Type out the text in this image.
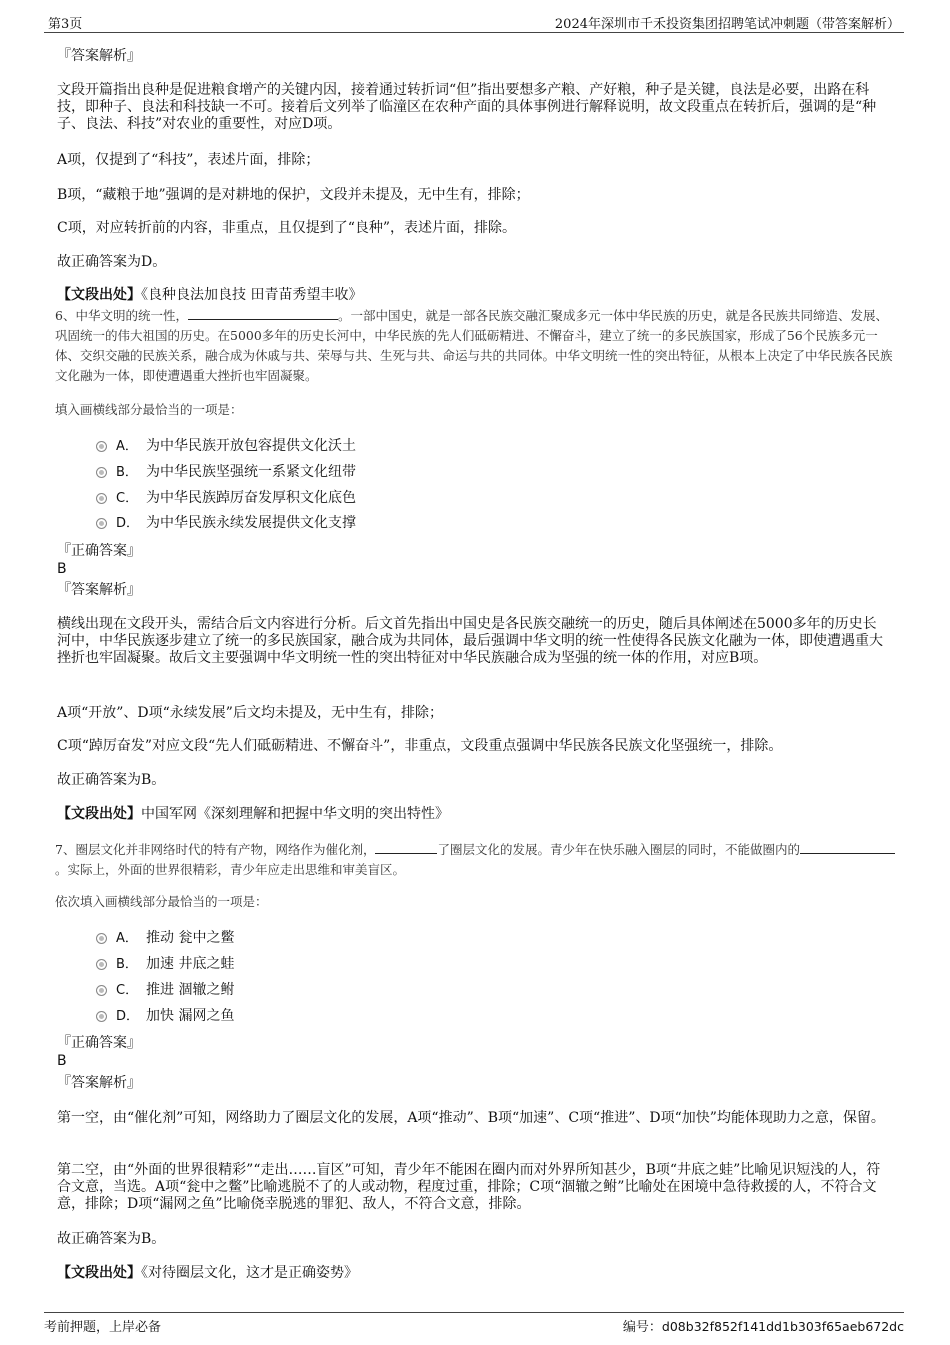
第3页	2024年深圳市千禾投资集团招聘笔试冲刺题（带答案解析）
『答案解析』
文段开篇指出良种是促进粮食增产的关键内因，接着通过转折词“但”指出要想多产粮、产好粮，种子是关键，良法是必要，出路在科技，即种子、良法和科技缺一不可。接着后文列举了临潼区在农种产面的具体事例进行解释说明，故文段重点在转折后，强调的是“种子、良法、科技”对农业的重要性，对应D项。
A项，仅提到了“科技”，表述片面，排除；
B项，“藏粮于地”强调的是对耕地的保护，文段并未提及，无中生有，排除；
C项，对应转折前的内容，非重点，且仅提到了“良种”，表述片面，排除。
故正确答案为D。
【文段出处】《良种良法加良技 田青苗秀望丰收》
6、中华文明的统一性，	。一部中国史，就是一部各民族交融汇聚成多元一体中华民族的历史，就是各民族共同缔造、发展、巩固统一的伟大祖国的历史。在5000多年的历史长河中，中华民族的先人们砥砺精进、不懈奋斗，建立了统一的多民族国家，形成了56个民族多元一体、交织交融的民族关系，融合成为休戚与共、荣辱与共、生死与共、命运与共的共同体。中华文明统一性的突出特征，从根本上决定了中华民族各民族文化融为一体，即使遭遇重大挫折也牢固凝聚。
填入画横线部分最恰当的一项是：
A． 为中华民族开放包容提供文化沃土
B． 为中华民族坚强统一系紧文化纽带
C． 为中华民族踔厉奋发厚积文化底色
D． 为中华民族永续发展提供文化支撑
『正确答案』
B
『答案解析』
横线出现在文段开头，需结合后文内容进行分析。后文首先指出中国史是各民族交融统一的历史，随后具体阐述在5000多年的历史长河中，中华民族逐步建立了统一的多民族国家，融合成为共同体，最后强调中华文明的统一性使得各民族文化融为一体，即使遭遇重大挫折也牢固凝聚。故后文主要强调中华文明统一性的突出特征对中华民族融合成为坚强的统一体的作用，对应B项。
A项“开放”、D项“永续发展”后文均未提及，无中生有，排除；
C项“踔厉奋发”对应文段“先人们砥砺精进、不懈奋斗”，非重点，文段重点强调中华民族各民族文化坚强统一，排除。
故正确答案为B。
【文段出处】中国军网《深刻理解和把握中华文明的突出特性》
7、圈层文化并非网络时代的特有产物，网络作为催化剂，	了圈层文化的发展。青少年在快乐融入圈层的同时，不能做圈内的。实际上，外面的世界很精彩，青少年应走出思维和审美盲区。
依次填入画横线部分最恰当的一项是：
A． 推动 瓮中之鳖
B． 加速 井底之蛙
C． 推进 涸辙之鲋
D． 加快 漏网之鱼
『正确答案』
B
『答案解析』
第一空，由“催化剂”可知，网络助力了圈层文化的发展，A项“推动”、B项“加速”、C项“推进”、D项“加快”均能体现助力之意，保留。
第二空，由“外面的世界很精彩”“走出……盲区”可知，青少年不能困在圈内而对外界所知甚少，B项“井底之蛙”比喻见识短浅的人，符合文意，当选。A项“瓮中之鳖”比喻逃脱不了的人或动物，程度过重，排除；C项“涸辙之鲋”比喻处在困境中急待救援的人，不符合文意，排除；D项“漏网之鱼”比喻侥幸脱逃的罪犯、敌人，不符合文意，排除。
故正确答案为B。
【文段出处】《对待圈层文化，这才是正确姿势》
考前押题，上岸必备	编号：d08b32f852f141dd1b303f65aeb672dc
